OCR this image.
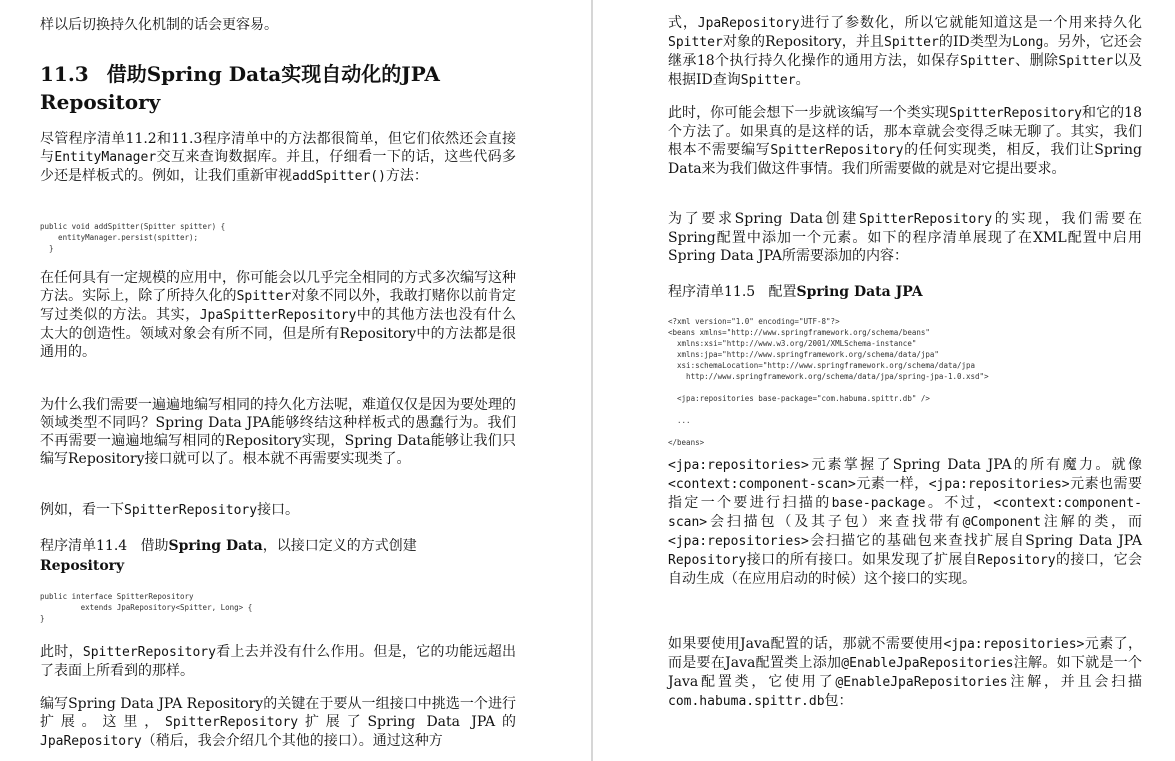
样以后切换持久化机制的话会更容易。

11.3 借助Spring Data实现自动化的JPA
Repository

尽管程序清单11.2和11.3程序清单中的方法都很简单，但它们依然还会直接与EntityManager交互来查询数据库。并且，仔细看一下的话，这些代码多少还是样板式的。例如，让我们重新审视addSpitter()方法：

public void addSpitter(Spitter spitter) {
entityManager.persist(spitter);
}

在任何具有一定规模的应用中，你可能会以几乎完全相同的方式多次编写这种方法。实际上，除了所持久化的Spitter对象不同以外，我敢打赌你以前肯定写过类似的方法。其实，JpaSpitterRepository中的其他方法也没有什么太大的创造性。领域对象会有所不同，但是所有Repository中的方法都是很通用的。

为什么我们需要一遍遍地编写相同的持久化方法呢，难道仅仅是因为要处理的领域类型不同吗？Spring Data JPA能够终结这种样板式的愚蠢行为。我们不再需要一遍遍地编写相同的Repository实现，Spring Data能够让我们只编写Repository接口就可以了。根本就不再需要实现类了。

例如，看一下SpitterRepository接口。

程序清单11.4 借助Spring Data，以接口定义的方式创建
Repository
public interface SpitterRepository
extends JpaRepository<Spitter, Long> {
}

此时，SpitterRepository看上去并没有什么作用。但是，它的功能远超出了表面上所看到的那样。

编写Spring Data JPA Repository的关键在于要从一组接口中挑选一个进行扩展。这里，SpitterRepository扩展了Spring Data JPA的JpaRepository（稍后，我会介绍几个其他的接口）。通过这种方

式，JpaRepository进行了参数化，所以它就能知道这是一个用来持久化Spitter对象的Repository，并且Spitter的ID类型为Long。另外，它还会继承18个执行持久化操作的通用方法，如保存Spitter、删除Spitter以及根据ID查询Spitter。

此时，你可能会想下一步就该编写一个类实现SpitterRepository和它的18个方法了。如果真的是这样的话，那本章就会变得乏味无聊了。其实，我们根本不需要编写SpitterRepository的任何实现类，相反，我们让Spring Data来为我们做这件事情。我们所需要做的就是对它提出要求。

为了要求Spring Data创建SpitterRepository的实现，我们需要在Spring配置中添加一个元素。如下的程序清单展现了在XML配置中启用Spring Data JPA所需要添加的内容：

程序清单11.5 配置Spring Data JPA
<?xml version="1.0" encoding="UTF-8"?>
<beans xmlns="http://www.springframework.org/schema/beans"
xmlns:xsi="http://www.w3.org/2001/XMLSchema-instance"
xmlns:jpa="http://www.springframework.org/schema/data/jpa"
xsi:schemaLocation="http://www.springframework.org/schema/data/jpa
http://www.springframework.org/schema/data/jpa/spring-jpa-1.0.xsd">

<jpa:repositories base-package="com.habuma.spittr.db" />

...

</beans>

<jpa:repositories>元素掌握了Spring Data JPA的所有魔力。就像<context:component-scan>元素一样，<jpa:repositories>元素也需要指定一个要进行扫描的base-package。不过，<context:component-scan>会扫描包（及其子包）来查找带有@Component注解的类，而<jpa:repositories>会扫描它的基础包来查找扩展自Spring Data JPA Repository接口的所有接口。如果发现了扩展自Repository的接口，它会自动生成（在应用启动的时候）这个接口的实现。

如果要使用Java配置的话，那就不需要使用<jpa:repositories>元素了，而是要在Java配置类上添加@EnableJpaRepositories注解。如下就是一个Java配置类，它使用了@EnableJpaRepositories注解，并且会扫描com.habuma.spittr.db包：
